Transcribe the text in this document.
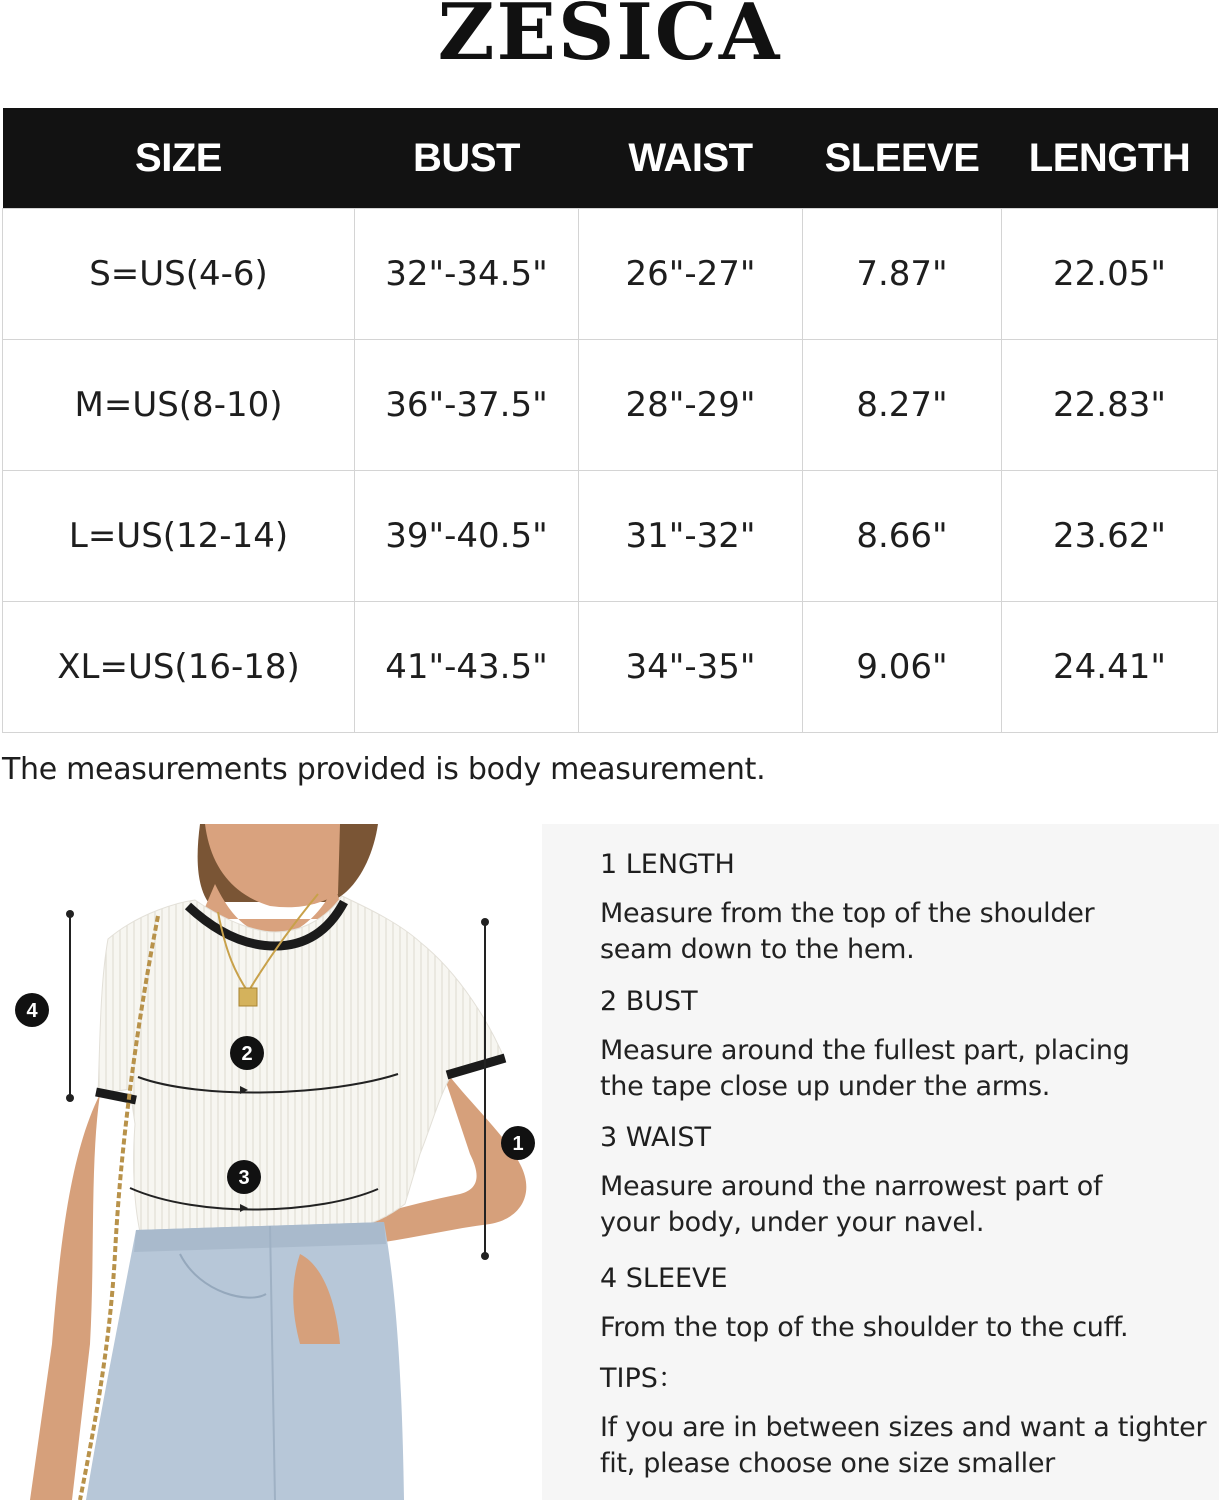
ZESICA
SIZE	BUST	WAIST	SLEEVE	LENGTH
S=US(4-6)	32"-34.5"	26"-27"	7.87"	22.05"
M=US(8-10)	36"-37.5"	28"-29"	8.27"	22.83"
L=US(12-14)	39"-40.5"	31"-32"	8.66"	23.62"
XL=US(16-18)	41"-43.5"	34"-35"	9.06"	24.41"
The measurements provided is body measurement.
4
2
3
1
1 LENGTH
Measure from the top of the shoulder
seam down to the hem.
2 BUST
Measure around the fullest part, placing
the tape close up under the arms.
3 WAIST
Measure around the narrowest part of
your body, under your navel.
4 SLEEVE
From the top of the shoulder to the cuff.
TIPS：
If you are in between sizes and want a tighter
fit, please choose one size smaller
